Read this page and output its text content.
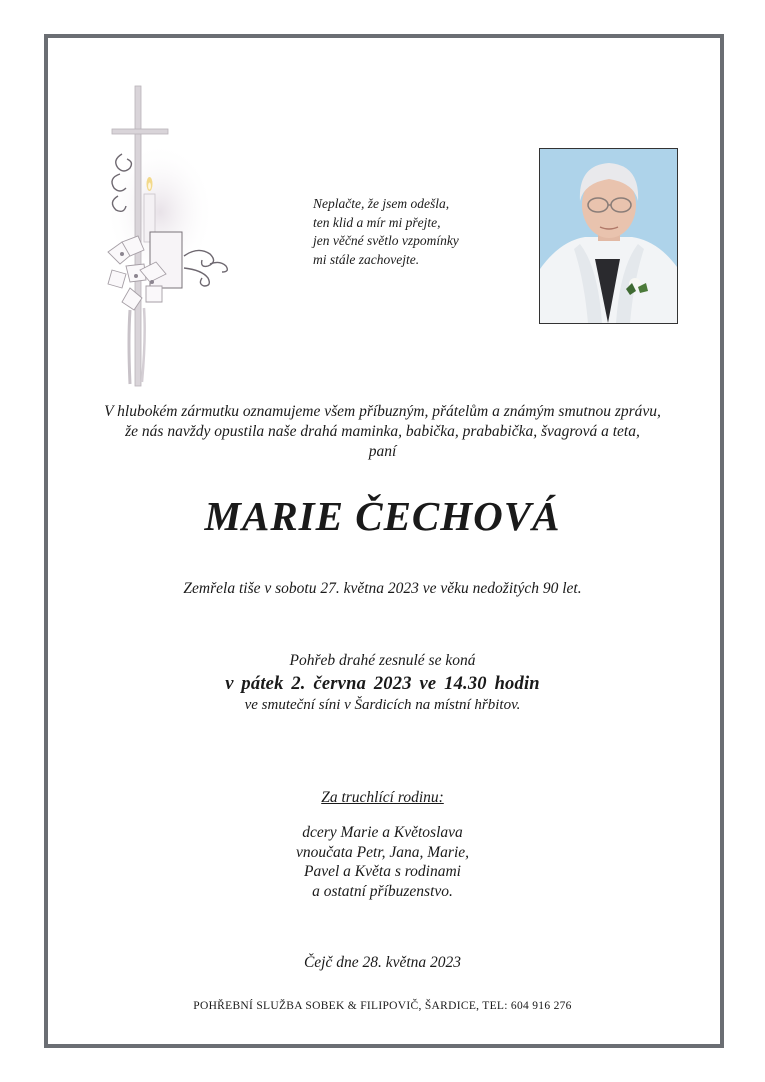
Neplačte, že jsem odešla,
ten klid a mír mi přejte,
jen věčné světlo vzpomínky
mi stále zachovejte.
V hlubokém zármutku oznamujeme všem příbuzným, přátelům a známým smutnou zprávu,
že nás navždy opustila naše drahá maminka, babička, prababička, švagrová a teta,
paní
MARIE ČECHOVÁ
Zemřela tiše v sobotu 27. května 2023 ve věku nedožitých 90 let.
Pohřeb drahé zesnulé se koná
v pátek 2. června 2023 ve 14.30 hodin
ve smuteční síni v Šardicích na místní hřbitov.
Za truchlící rodinu:
dcery Marie a Květoslava
vnoučata Petr, Jana, Marie,
Pavel a Květa s rodinami
a ostatní příbuzenstvo.
Čejč dne 28. května 2023
POHŘEBNÍ SLUŽBA SOBEK & FILIPOVIČ, ŠARDICE, TEL: 604 916 276
